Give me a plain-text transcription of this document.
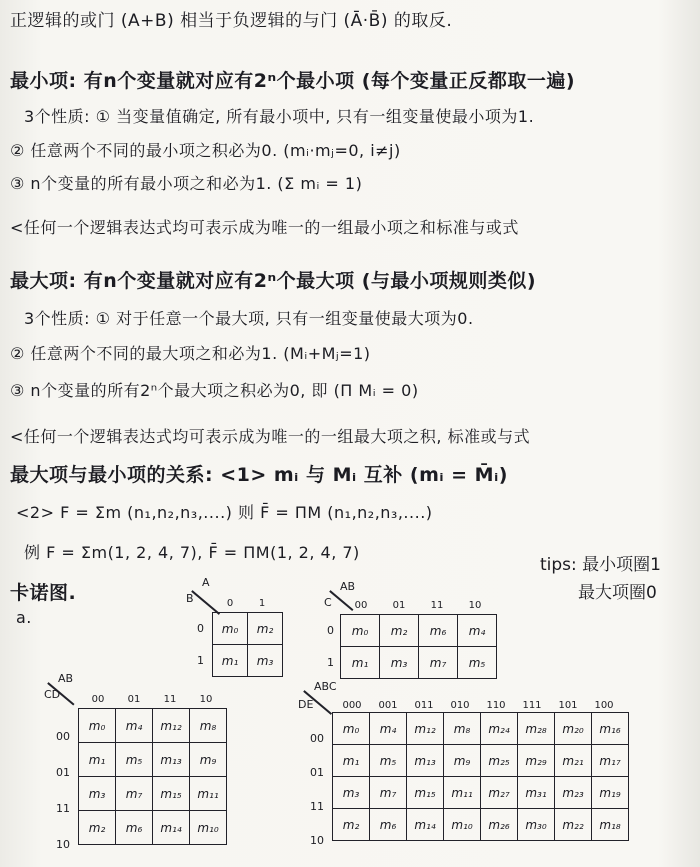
正逻辑的或门 (A+B) 相当于负逻辑的与门 (Ā·B̄) 的取反.
最小项: 有n个变量就对应有2ⁿ个最小项 (每个变量正反都取一遍)
3个性质: ① 当变量值确定, 所有最小项中, 只有一组变量使最小项为1.
② 任意两个不同的最小项之积必为0. (mᵢ·mⱼ=0, i≠j)
③ n个变量的所有最小项之和必为1. (Σ mᵢ = 1)
<任何一个逻辑表达式均可表示成为唯一的一组最小项之和标准与或式
最大项: 有n个变量就对应有2ⁿ个最大项 (与最小项规则类似)
3个性质: ① 对于任意一个最大项, 只有一组变量使最大项为0.
② 任意两个不同的最大项之和必为1. (Mᵢ+Mⱼ=1)
③ n个变量的所有2ⁿ个最大项之积必为0, 即 (Π Mᵢ = 0)
<任何一个逻辑表达式均可表示成为唯一的一组最大项之积, 标准或与式
最大项与最小项的关系: <1> mᵢ 与 Mᵢ 互补 (mᵢ = M̄ᵢ)
<2> F = Σm (n₁,n₂,n₃,....) 则 F̄ = ΠM (n₁,n₂,n₃,....)
例 F = Σm(1, 2, 4, 7), F̄ = ΠM(1, 2, 4, 7)
卡诺图.
a.
tips: 最小项圈1
最大项圈0
A
B	0	1
0
1
m₀	m₂
m₁	m₃
AB
C	00	01	11	10
0
1
m₀	m₂	m₆	m₄
m₁	m₃	m₇	m₅
AB
CD	00	01	11	10
00
01
11
10
m₀	m₄	m₁₂	m₈
m₁	m₅	m₁₃	m₉
m₃	m₇	m₁₅	m₁₁
m₂	m₆	m₁₄	m₁₀
ABC
DE	000	001	011	010	110	111	101	100
00
01
11
10
m₀	m₄	m₁₂	m₈	m₂₄	m₂₈	m₂₀	m₁₆
m₁	m₅	m₁₃	m₉	m₂₅	m₂₉	m₂₁	m₁₇
m₃	m₇	m₁₅	m₁₁	m₂₇	m₃₁	m₂₃	m₁₉
m₂	m₆	m₁₄	m₁₀	m₂₆	m₃₀	m₂₂	m₁₈
